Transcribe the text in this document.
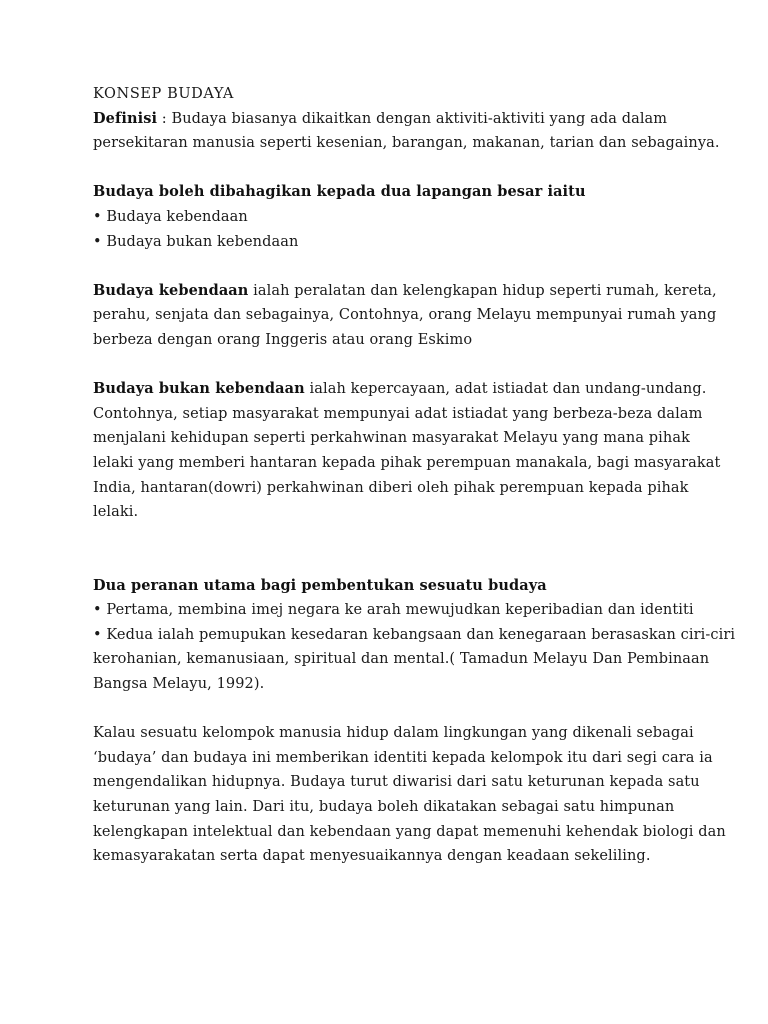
KONSEP BUDAYA
Definisi : Budaya biasanya dikaitkan dengan aktiviti-aktiviti yang ada dalam
persekitaran manusia seperti kesenian, barangan, makanan, tarian dan sebagainya.
Budaya boleh dibahagikan kepada dua lapangan besar iaitu
• Budaya kebendaan
• Budaya bukan kebendaan
Budaya kebendaan ialah peralatan dan kelengkapan hidup seperti rumah, kereta,
perahu, senjata dan sebagainya, Contohnya, orang Melayu mempunyai rumah yang
berbeza dengan orang Inggeris atau orang Eskimo
Budaya bukan kebendaan ialah kepercayaan, adat istiadat dan undang-undang.
Contohnya, setiap masyarakat mempunyai adat istiadat yang berbeza-beza dalam
menjalani kehidupan seperti perkahwinan masyarakat Melayu yang mana pihak
lelaki yang memberi hantaran kepada pihak perempuan manakala, bagi masyarakat
India, hantaran(dowri) perkahwinan diberi oleh pihak perempuan kepada pihak
lelaki.
Dua peranan utama bagi pembentukan sesuatu budaya
• Pertama, membina imej negara ke arah mewujudkan keperibadian dan identiti
• Kedua ialah pemupukan kesedaran kebangsaan dan kenegaraan berasaskan ciri-ciri
kerohanian, kemanusiaan, spiritual dan mental.( Tamadun Melayu Dan Pembinaan
Bangsa Melayu, 1992).
Kalau sesuatu kelompok manusia hidup dalam lingkungan yang dikenali sebagai
‘budaya’ dan budaya ini memberikan identiti kepada kelompok itu dari segi cara ia
mengendalikan hidupnya. Budaya turut diwarisi dari satu keturunan kepada satu
keturunan yang lain. Dari itu, budaya boleh dikatakan sebagai satu himpunan
kelengkapan intelektual dan kebendaan yang dapat memenuhi kehendak biologi dan
kemasyarakatan serta dapat menyesuaikannya dengan keadaan sekeliling.
